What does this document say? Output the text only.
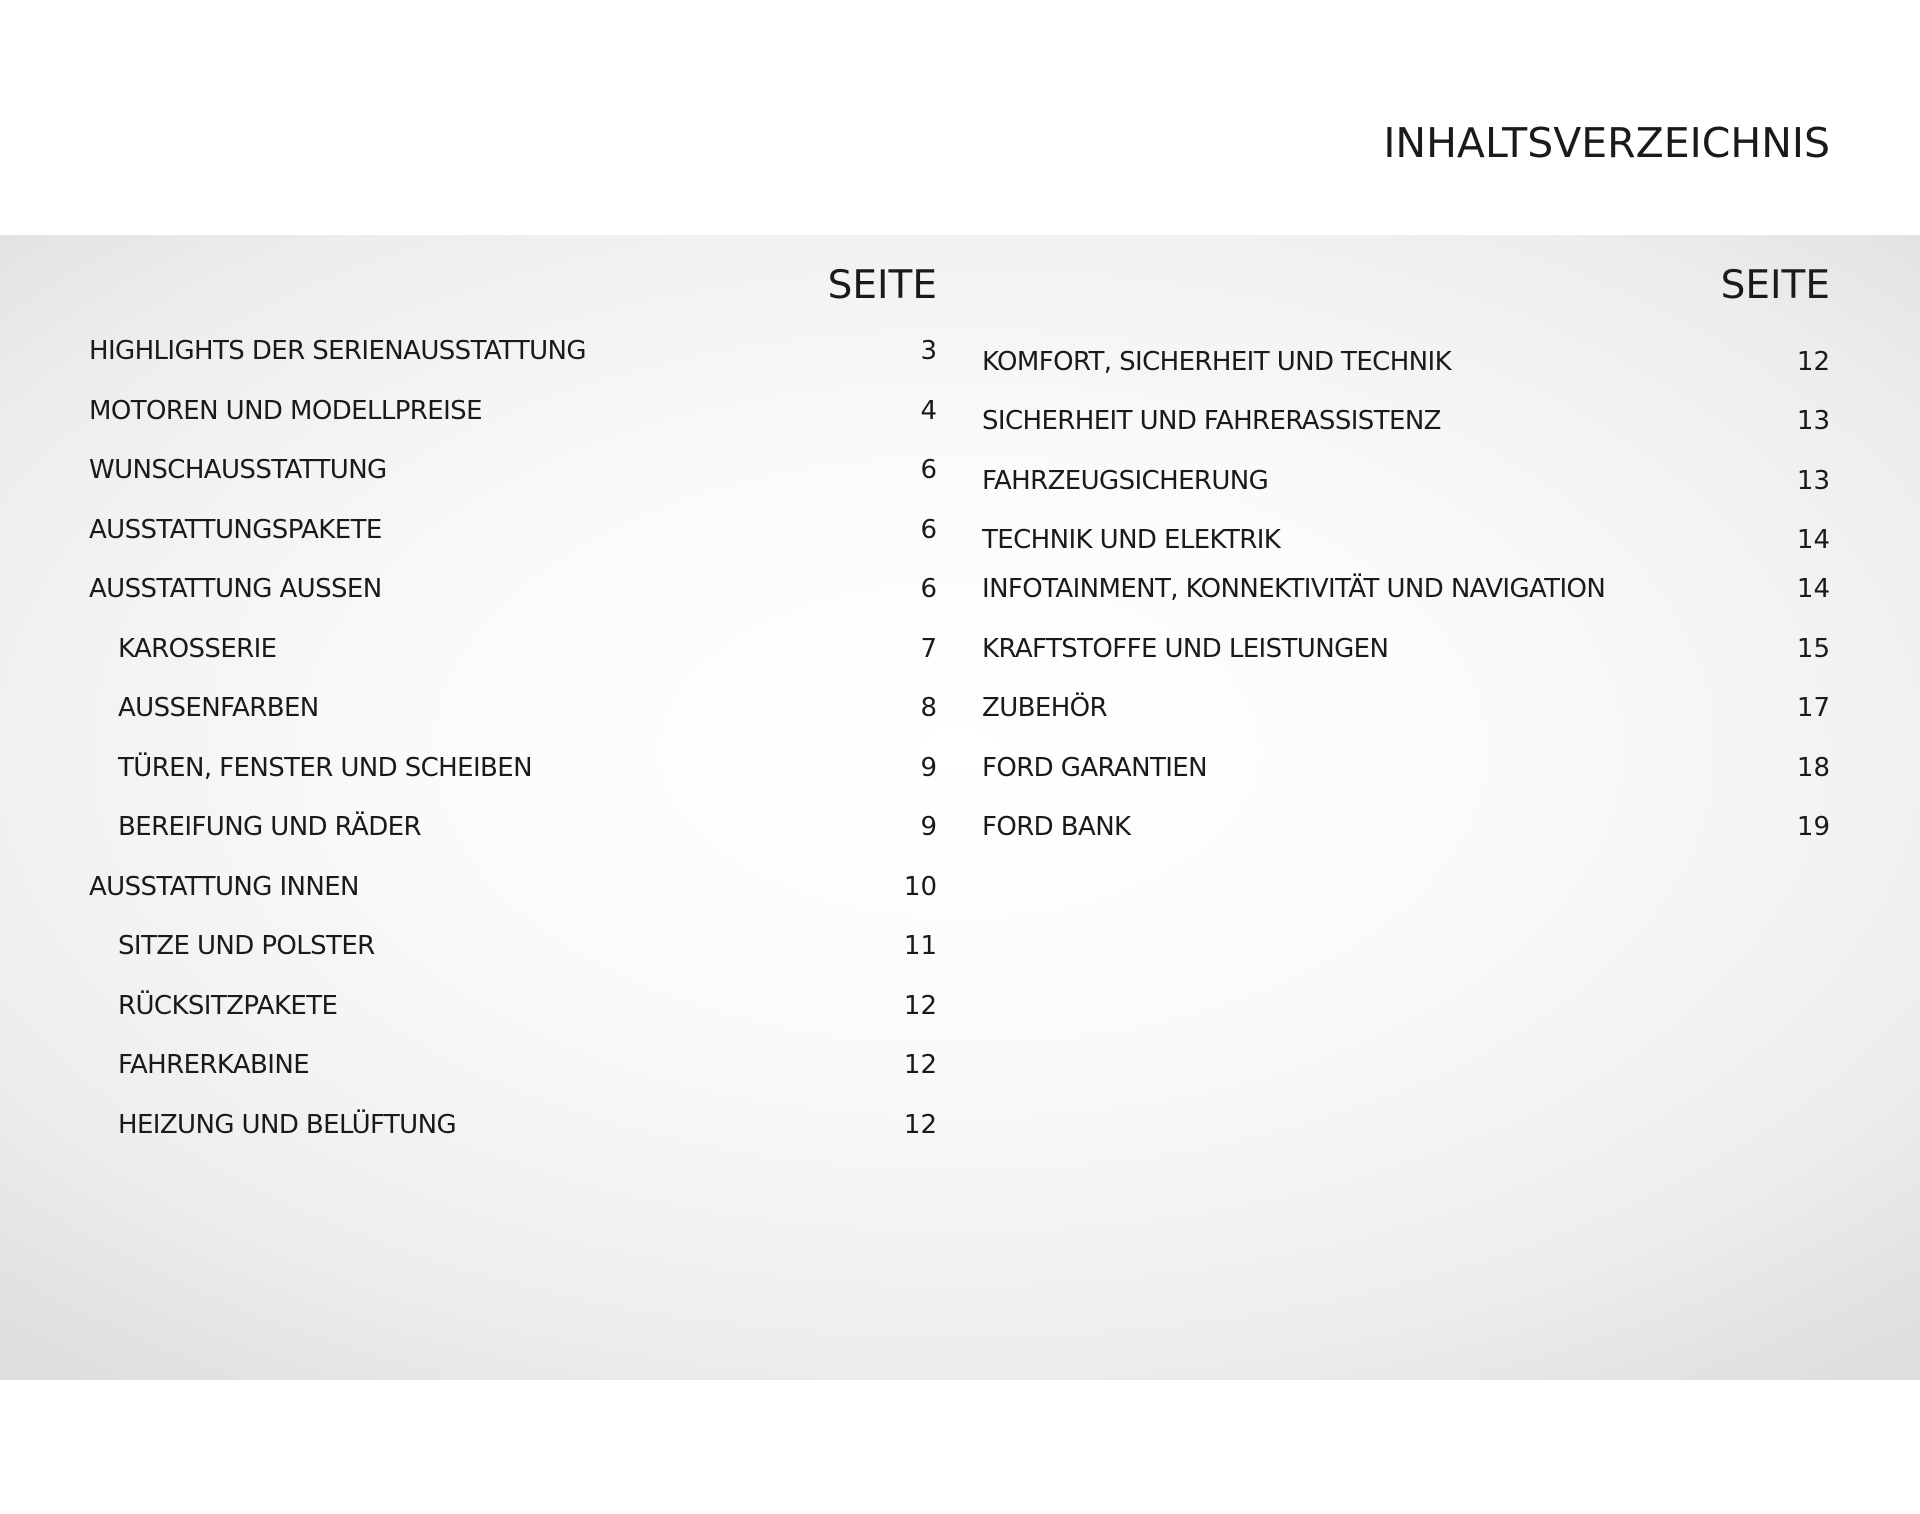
INHALTSVERZEICHNIS
SEITE
HIGHLIGHTS DER SERIENAUSSTATTUNG	3
MOTOREN UND MODELLPREISE	4
WUNSCHAUSSTATTUNG	6
AUSSTATTUNGSPAKETE	6
AUSSTATTUNG AUSSEN	6
KAROSSERIE	7
AUSSENFARBEN	8
TÜREN, FENSTER UND SCHEIBEN	9
BEREIFUNG UND RÄDER	9
AUSSTATTUNG INNEN	10
SITZE UND POLSTER	11
RÜCKSITZPAKETE	12
FAHRERKABINE	12
HEIZUNG UND BELÜFTUNG	12
SEITE
KOMFORT, SICHERHEIT UND TECHNIK	12
SICHERHEIT UND FAHRERASSISTENZ	13
FAHRZEUGSICHERUNG	13
TECHNIK UND ELEKTRIK	14
INFOTAINMENT, KONNEKTIVITÄT UND NAVIGATION	14
KRAFTSTOFFE UND LEISTUNGEN	15
ZUBEHÖR	17
FORD GARANTIEN	18
FORD BANK	19
